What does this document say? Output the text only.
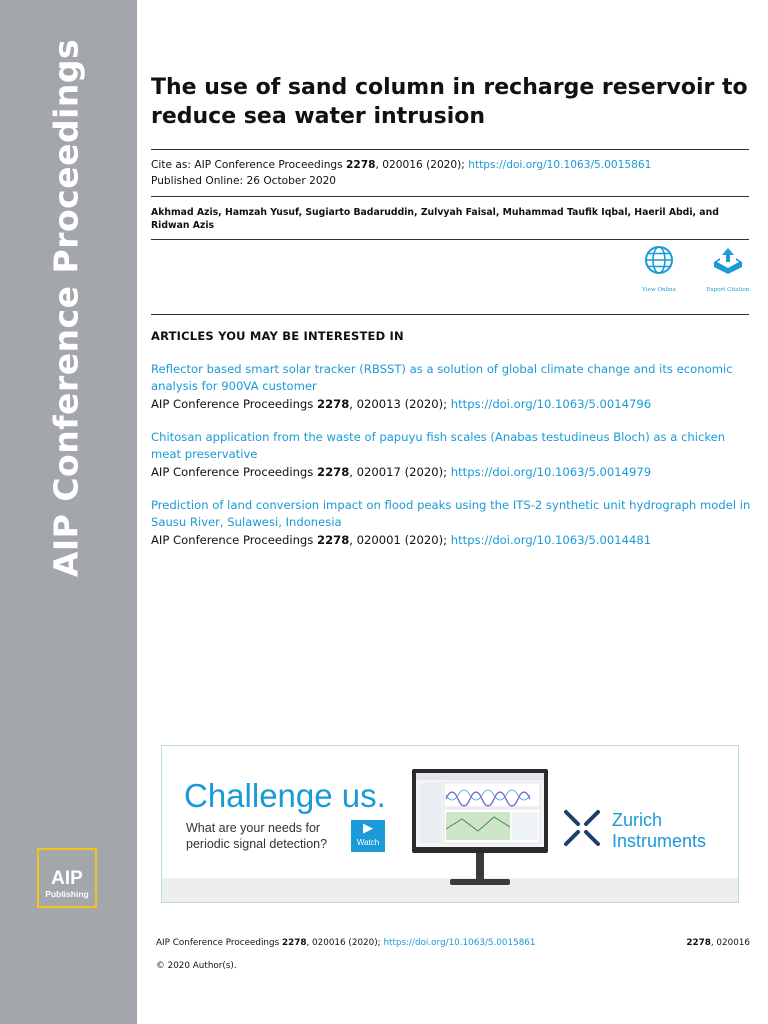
AIP Conference Proceedings
AIP
Publishing
The use of sand column in recharge reservoir to reduce sea water intrusion
Cite as: AIP Conference Proceedings 2278, 020016 (2020); https://doi.org/10.1063/5.0015861
Published Online: 26 October 2020
Akhmad Azis, Hamzah Yusuf, Sugiarto Badaruddin, Zulvyah Faisal, Muhammad Taufik Iqbal, Haeril Abdi, and Ridwan Azis
View Online	Export Citation
ARTICLES YOU MAY BE INTERESTED IN
Reflector based smart solar tracker (RBSST) as a solution of global climate change and its economic analysis for 900VA customer
AIP Conference Proceedings 2278, 020013 (2020); https://doi.org/10.1063/5.0014796
Chitosan application from the waste of papuyu fish scales (Anabas testudineus Bloch) as a chicken meat preservative
AIP Conference Proceedings 2278, 020017 (2020); https://doi.org/10.1063/5.0014979
Prediction of land conversion impact on flood peaks using the ITS-2 synthetic unit hydrograph model in Sausu River, Sulawesi, Indonesia
AIP Conference Proceedings 2278, 020001 (2020); https://doi.org/10.1063/5.0014481
Challenge us.
What are your needs for
periodic signal detection?
▶
Watch
Zurich
Instruments
AIP Conference Proceedings 2278, 020016 (2020); https://doi.org/10.1063/5.0015861	2278, 020016
© 2020 Author(s).
